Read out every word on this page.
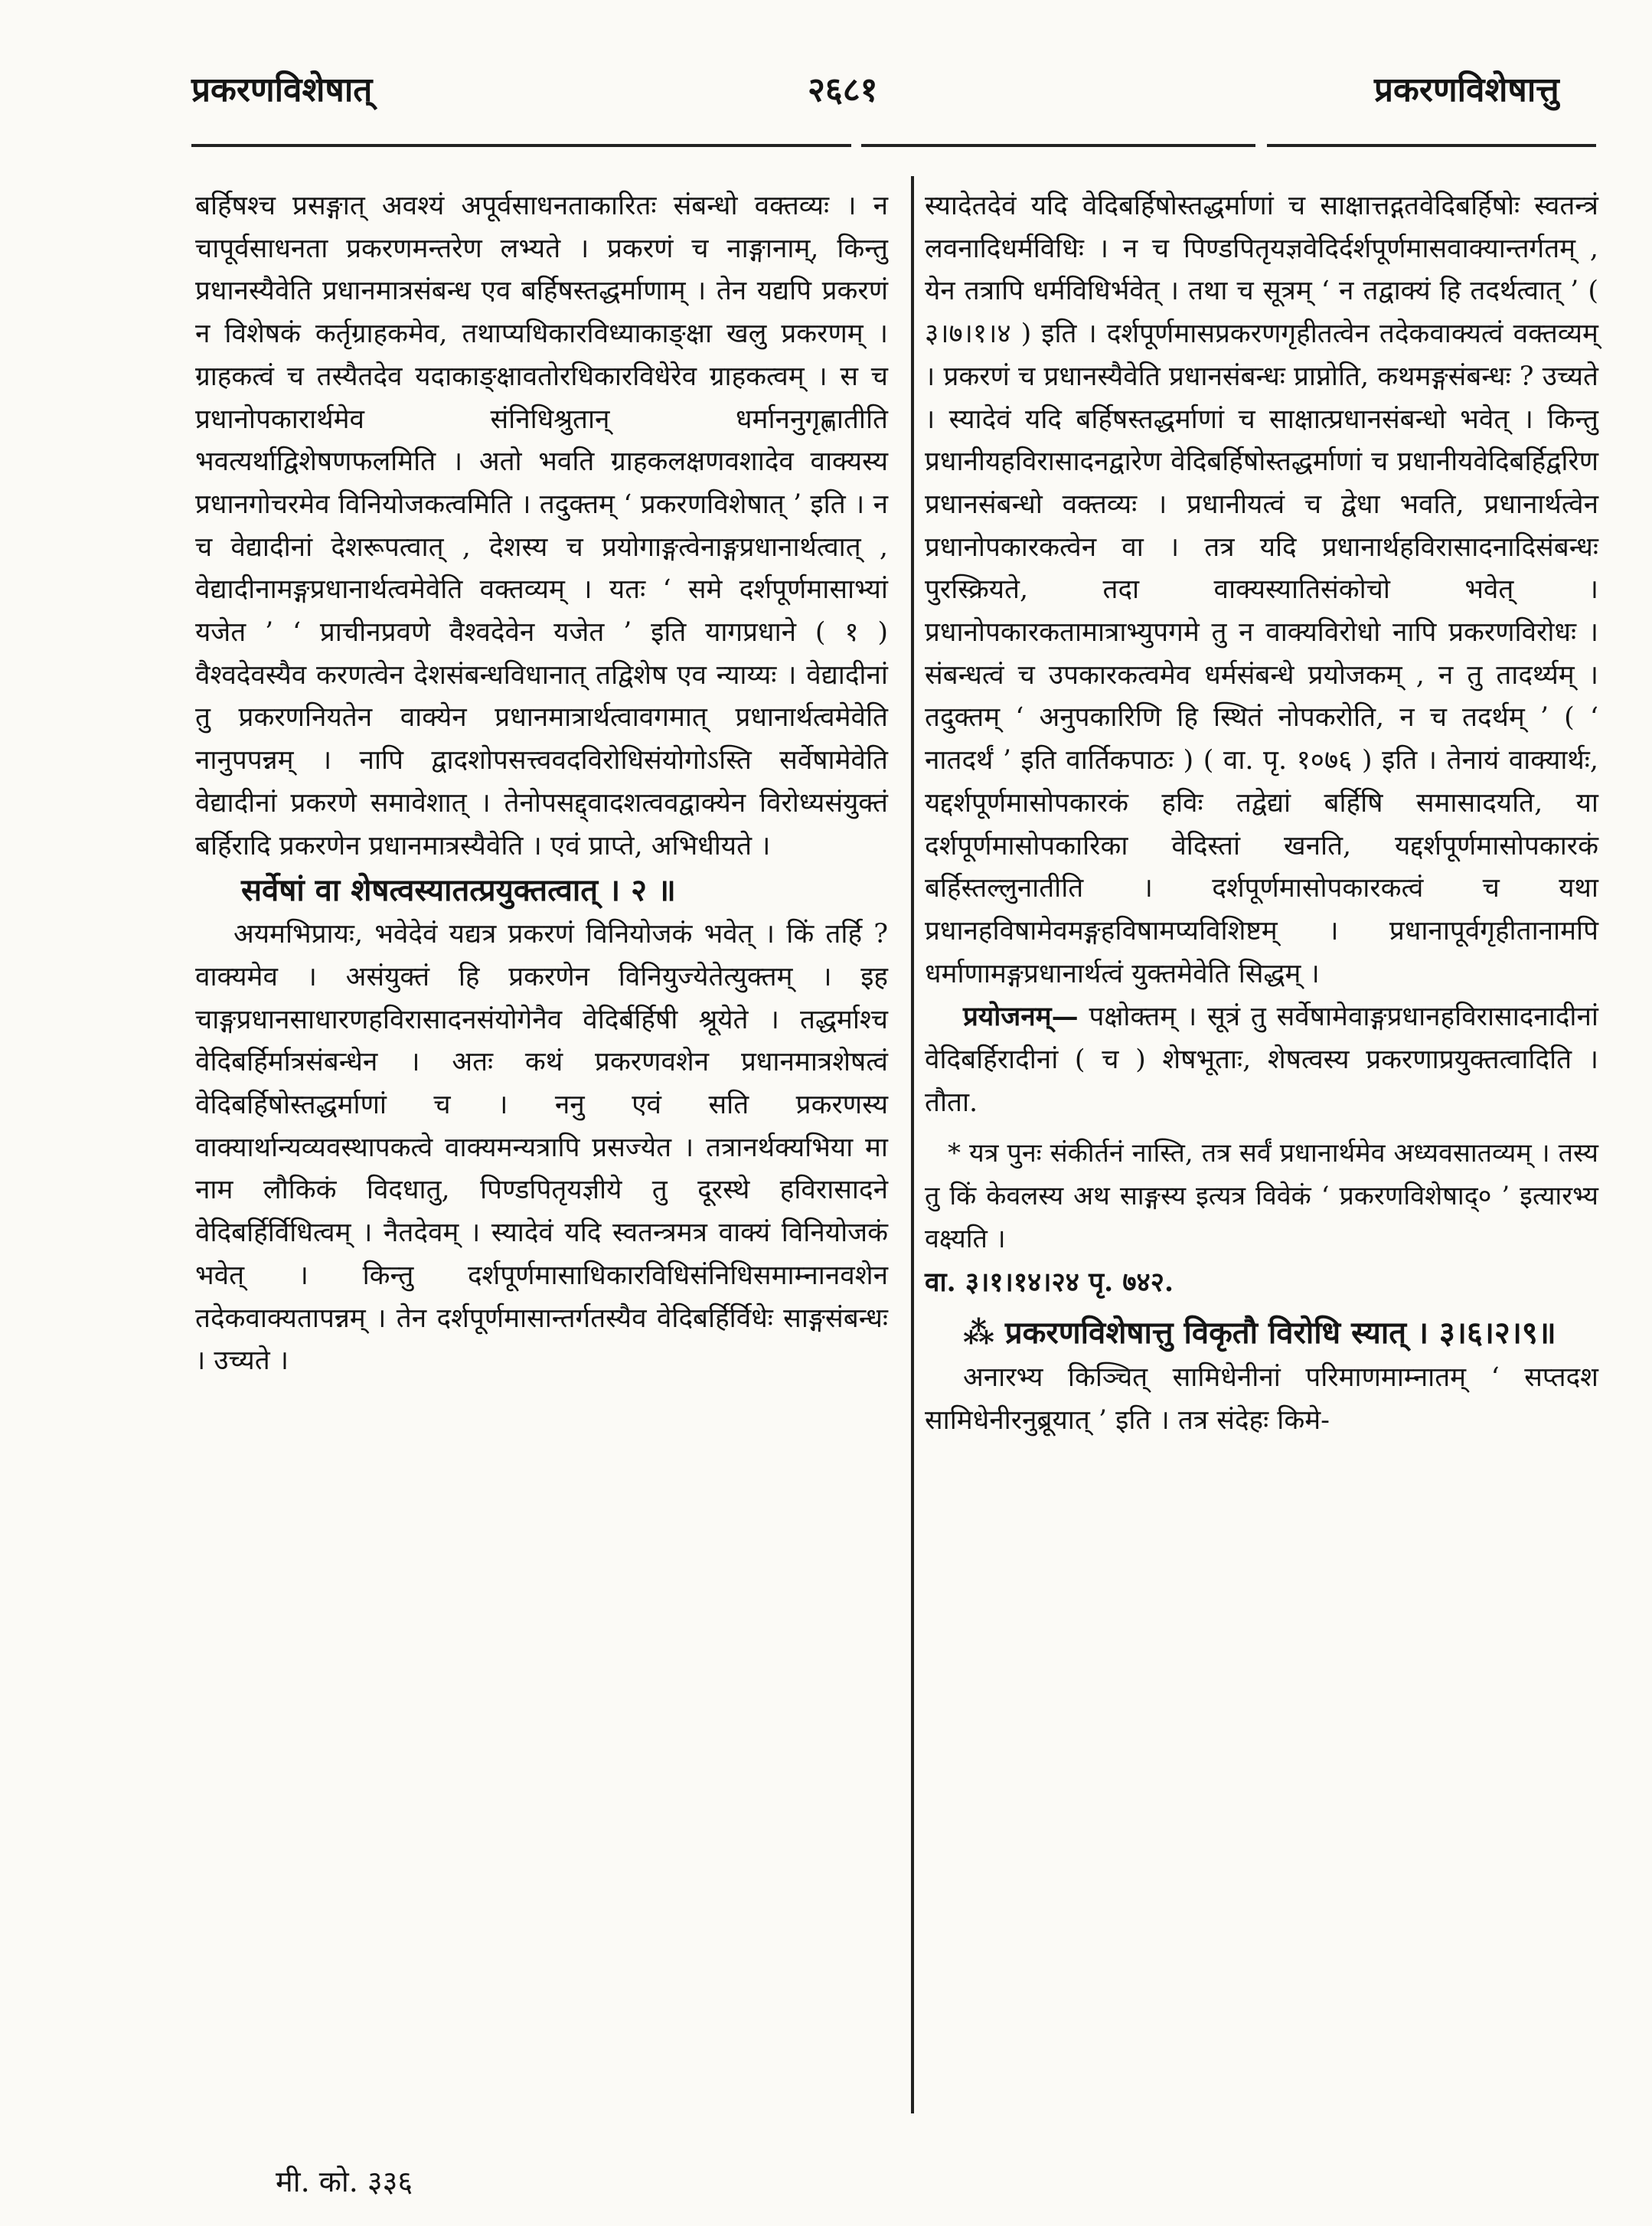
प्रकरणविशेषात्	२६८१	प्रकरणविशेषात्तु

बर्हिषश्च प्रसङ्गात् अवश्यं अपूर्वसाधनताकारितः संबन्धो वक्तव्यः । न चापूर्वसाधनता प्रकरणमन्तरेण लभ्यते । प्रकरणं च नाङ्गानाम्, किन्तु प्रधानस्यैवेति प्रधानमात्रसंबन्ध एव बर्हिषस्तद्धर्माणाम् । तेन यद्यपि प्रकरणं न विशेषकं कर्तृग्राहकमेव, तथाप्यधिकारविध्याकाङ्क्षा खलु प्रकरणम् । ग्राहकत्वं च तस्यैतदेव यदाकाङ्क्षावतोरधिकारविधेरेव ग्राहकत्वम् । स च प्रधानोपकारार्थमेव संनिधिश्रुतान् धर्माननुगृह्णातीति भवत्यर्थाद्विशेषणफलमिति । अतो भवति ग्राहकलक्षणवशादेव वाक्यस्य प्रधानगोचरमेव विनियोजकत्वमिति । तदुक्तम् ‘ प्रकरणविशेषात् ’ इति । न च वेद्यादीनां देशरूपत्वात् , देशस्य च प्रयोगाङ्गत्वेनाङ्गप्रधानार्थत्वात् , वेद्यादीनामङ्गप्रधानार्थत्वमेवेति वक्तव्यम् । यतः ‘ समे दर्शपूर्णमासाभ्यां यजेत ’ ‘ प्राचीनप्रवणे वैश्वदेवेन यजेत ’ इति यागप्रधाने ( १ ) वैश्वदेवस्यैव करणत्वेन देशसंबन्धविधानात् तद्विशेष एव न्याय्यः । वेद्यादीनां तु प्रकरणनियतेन वाक्येन प्रधानमात्रार्थत्वावगमात् प्रधानार्थत्वमेवेति नानुपपन्नम् । नापि द्वादशोपसत्त्ववदविरोधिसंयोगोऽस्ति सर्वेषामेवेति वेद्यादीनां प्रकरणे समावेशात् । तेनोपसद्द्वादशत्ववद्वाक्येन विरोध्यसंयुक्तं बर्हिरादि प्रकरणेन प्रधानमात्रस्यैवेति । एवं प्राप्ते, अभिधीयते ।

सर्वेषां वा शेषत्वस्यातत्प्रयुक्तत्वात् । २ ॥

अयमभिप्रायः, भवेदेवं यद्यत्र प्रकरणं विनियोजकं भवेत् । किं तर्हि ? वाक्यमेव । असंयुक्तं हि प्रकरणेन विनियुज्येतेत्युक्तम् । इह चाङ्गप्रधानसाधारणहविरासादनसंयोगेनैव वेदिर्बर्हिषी श्रूयेते । तद्धर्माश्च वेदिबर्हिर्मात्रसंबन्धेन । अतः कथं प्रकरणवशेन प्रधानमात्रशेषत्वं वेदिबर्हिषोस्तद्धर्माणां च । ननु एवं सति प्रकरणस्य वाक्यार्थान्यव्यवस्थापकत्वे वाक्यमन्यत्रापि प्रसज्येत । तत्रानर्थक्यभिया मा नाम लौकिकं विदधातु, पिण्डपितृयज्ञीये तु दूरस्थे हविरासादने वेदिबर्हिर्विधित्वम् । नैतदेवम् । स्यादेवं यदि स्वतन्त्रमत्र वाक्यं विनियोजकं भवेत् । किन्तु दर्शपूर्णमासाधिकारविधिसंनिधिसमाम्नानवशेन तदेकवाक्यतापन्नम् । तेन दर्शपूर्णमासान्तर्गतस्यैव वेदिबर्हिर्विधेः साङ्गसंबन्धः । उच्यते ।

स्यादेतदेवं यदि वेदिबर्हिषोस्तद्धर्माणां च साक्षात्तद्गतवेदिबर्हिषोः स्वतन्त्रं लवनादिधर्मविधिः । न च पिण्डपितृयज्ञवेदिर्दर्शपूर्णमासवाक्यान्तर्गतम् , येन तत्रापि धर्मविधिर्भवेत् । तथा च सूत्रम् ‘ न तद्वाक्यं हि तदर्थत्वात् ’ ( ३।७।१।४ ) इति । दर्शपूर्णमासप्रकरणगृहीतत्वेन तदेकवाक्यत्वं वक्तव्यम् । प्रकरणं च प्रधानस्यैवेति प्रधानसंबन्धः प्राप्नोति, कथमङ्गसंबन्धः ? उच्यते । स्यादेवं यदि बर्हिषस्तद्धर्माणां च साक्षात्प्रधानसंबन्धो भवेत् । किन्तु प्रधानीयहविरासादनद्वारेण वेदिबर्हिषोस्तद्धर्माणां च प्रधानीयवेदिबर्हिर्द्वारेण प्रधानसंबन्धो वक्तव्यः । प्रधानीयत्वं च द्वेधा भवति, प्रधानार्थत्वेन प्रधानोपकारकत्वेन वा । तत्र यदि प्रधानार्थहविरासादनादिसंबन्धः पुरस्क्रियते, तदा वाक्यस्यातिसंकोचो भवेत् । प्रधानोपकारकतामात्राभ्युपगमे तु न वाक्यविरोधो नापि प्रकरणविरोधः । संबन्धत्वं च उपकारकत्वमेव धर्मसंबन्धे प्रयोजकम् , न तु तादर्थ्यम् । तदुक्तम् ‘ अनुपकारिणि हि स्थितं नोपकरोति, न च तदर्थम् ’ ( ‘ नातदर्थं ’ इति वार्तिकपाठः ) ( वा. पृ. १०७६ ) इति । तेनायं वाक्यार्थः, यद्दर्शपूर्णमासोपकारकं हविः तद्वेद्यां बर्हिषि समासादयति, या दर्शपूर्णमासोपकारिका वेदिस्तां खनति, यद्दर्शपूर्णमासोपकारकं बर्हिस्तल्लुनातीति । दर्शपूर्णमासोपकारकत्वं च यथा प्रधानहविषामेवमङ्गहविषामप्यविशिष्टम् । प्रधानापूर्वगृहीतानामपि धर्माणामङ्गप्रधानार्थत्वं युक्तमेवेति सिद्धम् ।

प्रयोजनम्— पक्षोक्तम् । सूत्रं तु सर्वेषामेवाङ्गप्रधानहविरासादनादीनां वेदिबर्हिरादीनां ( च ) शेषभूताः, शेषत्वस्य प्रकरणाप्रयुक्तत्वादिति । तौता.

* यत्र पुनः संकीर्तनं नास्ति, तत्र सर्वं प्रधानार्थमेव अध्यवसातव्यम् । तस्य तु किं केवलस्य अथ साङ्गस्य इत्यत्र विवेकं ‘ प्रकरणविशेषाद्० ’ इत्यारभ्य वक्ष्यति ।

वा. ३।१।१४।२४ पृ. ७४२.

⁂ प्रकरणविशेषात्तु विकृतौ विरोधि स्यात् । ३।६।२।९॥

अनारभ्य किञ्चित् सामिधेनीनां परिमाणमाम्नातम् ‘ सप्तदश सामिधेनीरनुब्रूयात् ’ इति । तत्र संदेहः किमे-

मी. को. ३३६
